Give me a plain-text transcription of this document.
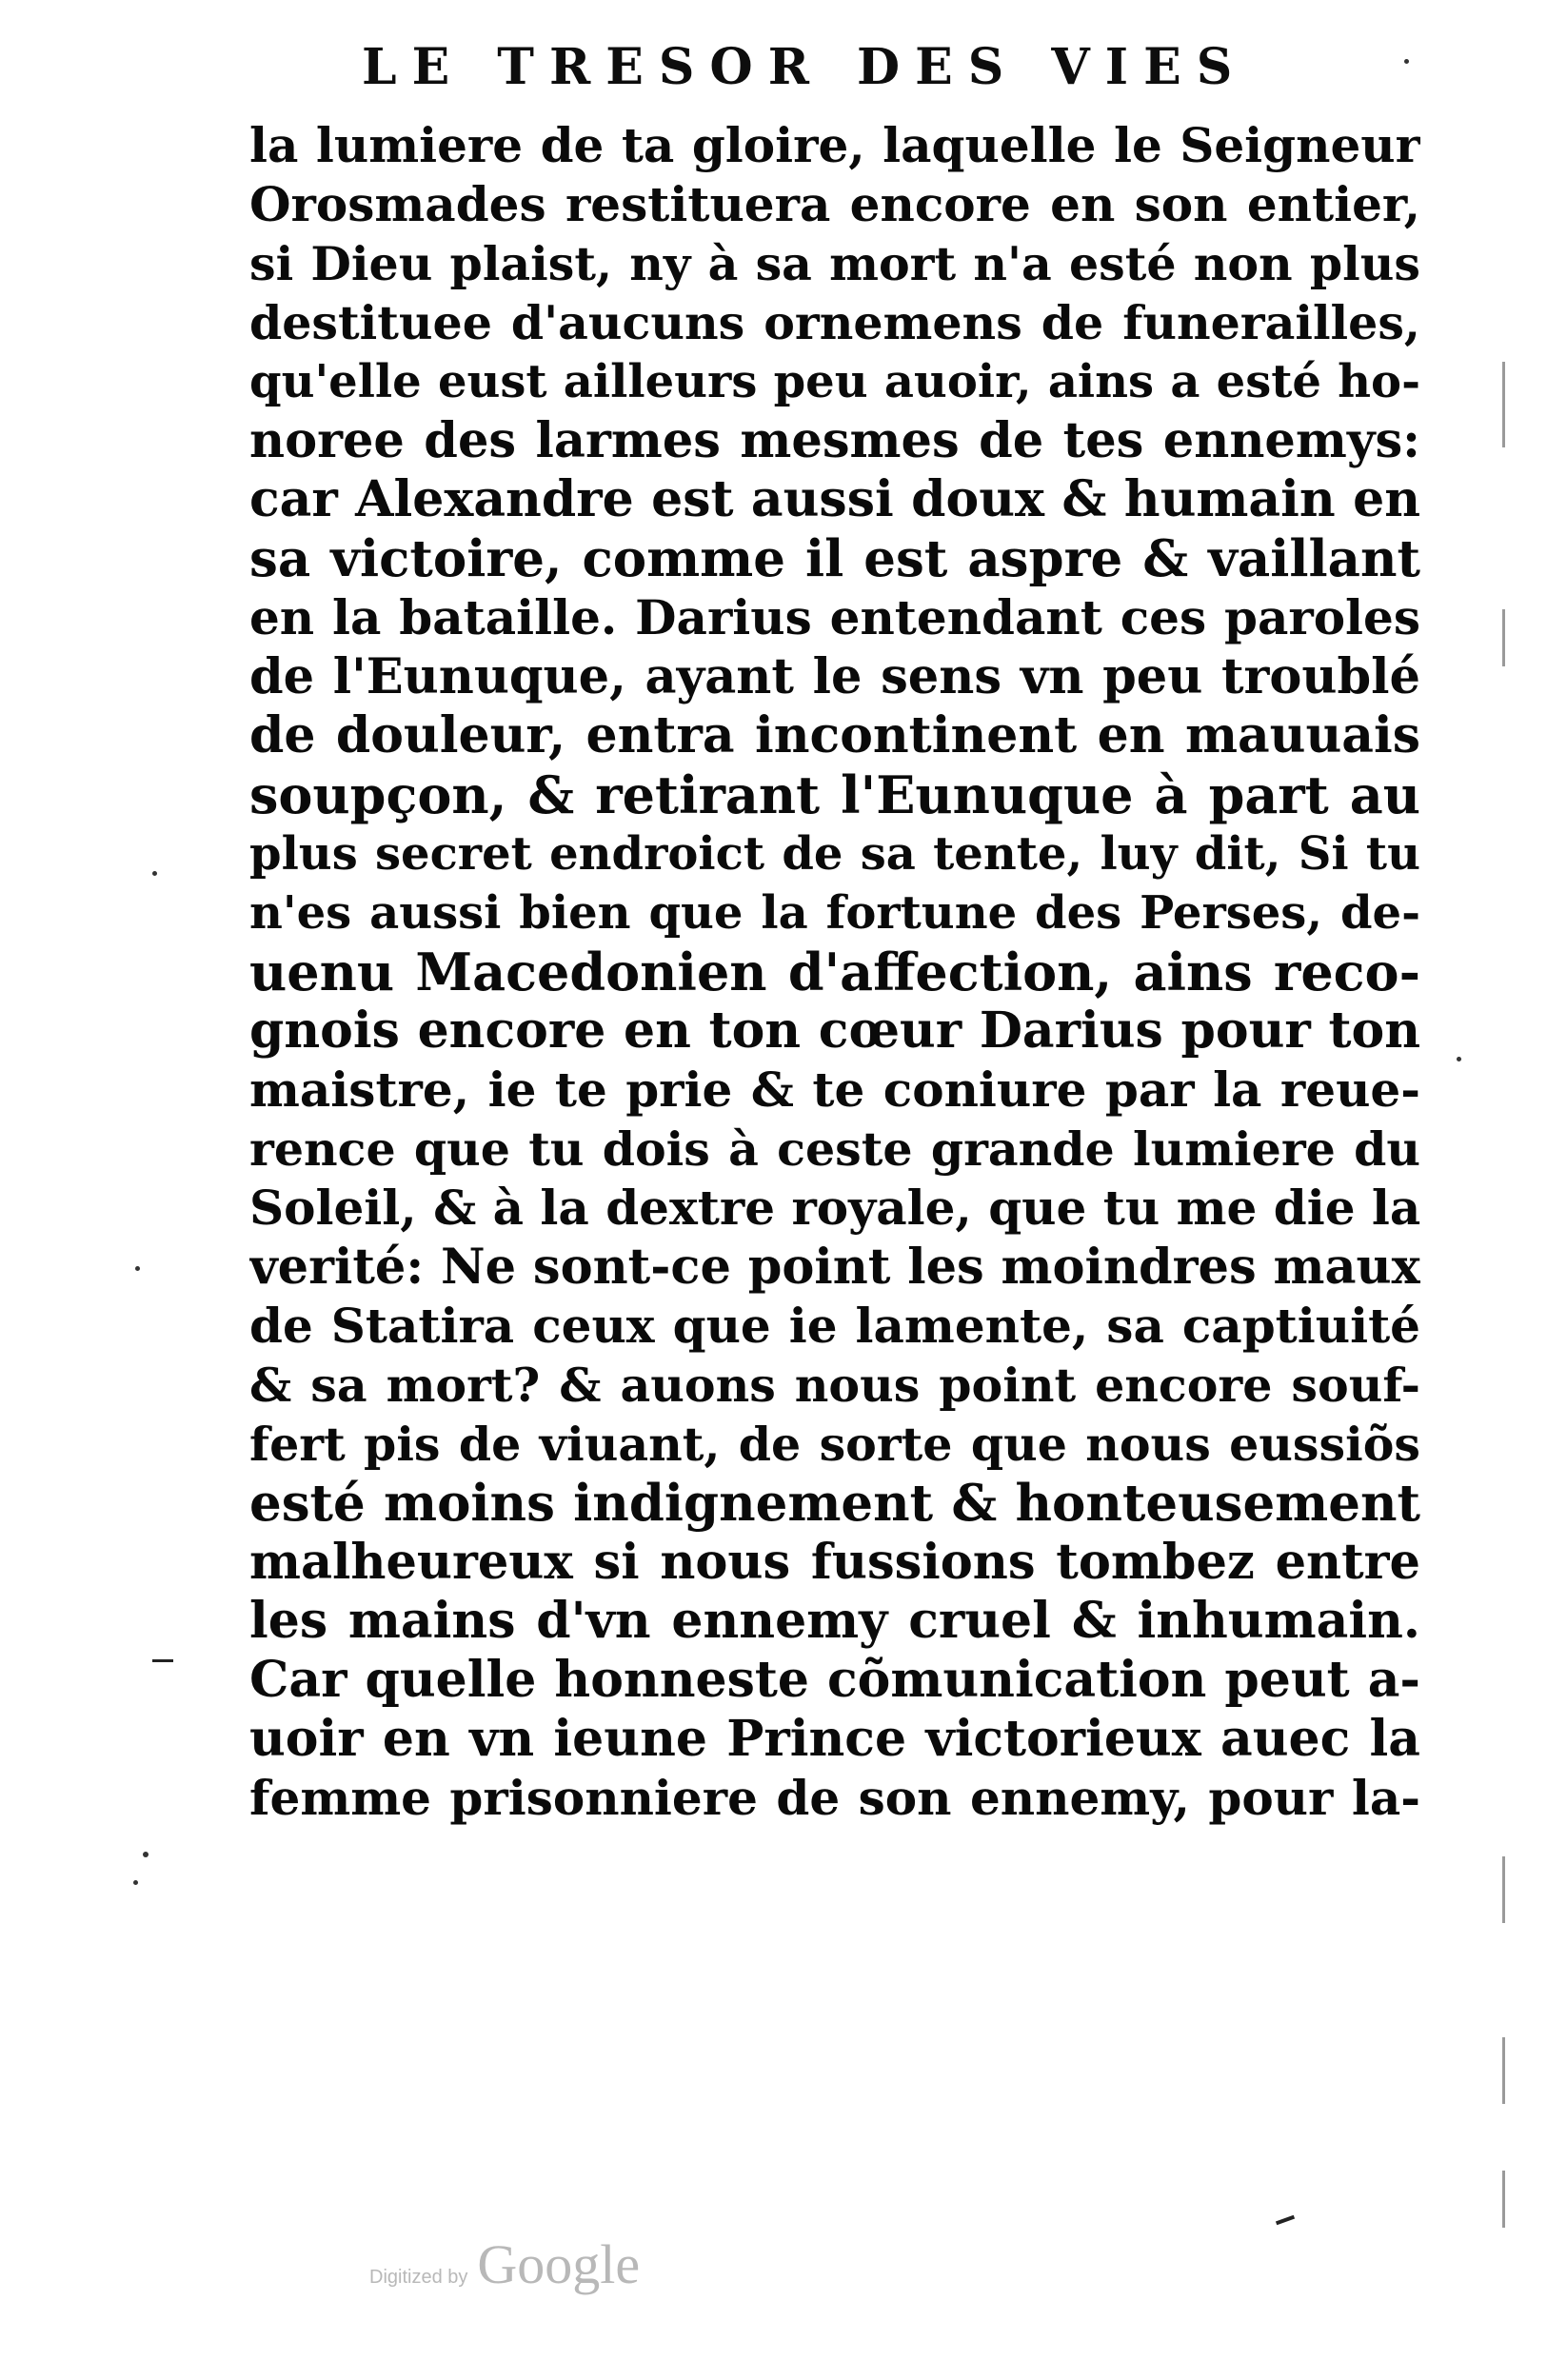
LE TRESOR DES VIES
la lumiere de ta gloire, laquelle le Seigneur
Orosmades restituera encore en son entier,
si Dieu plaist, ny à sa mort n'a esté non plus
destituee d'aucuns ornemens de funerailles,
qu'elle eust ailleurs peu auoir, ains a esté ho-
noree des larmes mesmes de tes ennemys:
car Alexandre est aussi doux & humain en
sa victoire, comme il est aspre & vaillant
en la bataille. Darius entendant ces paroles
de l'Eunuque, ayant le sens vn peu troublé
de douleur, entra incontinent en mauuais
soupçon, & retirant l'Eunuque à part au
plus secret endroict de sa tente, luy dit, Si tu
n'es aussi bien que la fortune des Perses, de-
uenu Macedonien d'affection, ains reco-
gnois encore en ton cœur Darius pour ton
maistre, ie te prie & te coniure par la reue-
rence que tu dois à ceste grande lumiere du
Soleil, & à la dextre royale, que tu me die la
verité: Ne sont-ce point les moindres maux
de Statira ceux que ie lamente, sa captiuité
& sa mort? & auons nous point encore souf-
fert pis de viuant, de sorte que nous eussiõs
esté moins indignement & honteusement
malheureux si nous fussions tombez entre
les mains d'vn ennemy cruel & inhumain.
Car quelle honneste cõmunication peut a-
uoir en vn ieune Prince victorieux auec la
femme prisonniere de son ennemy, pour la-
Digitized by Google
